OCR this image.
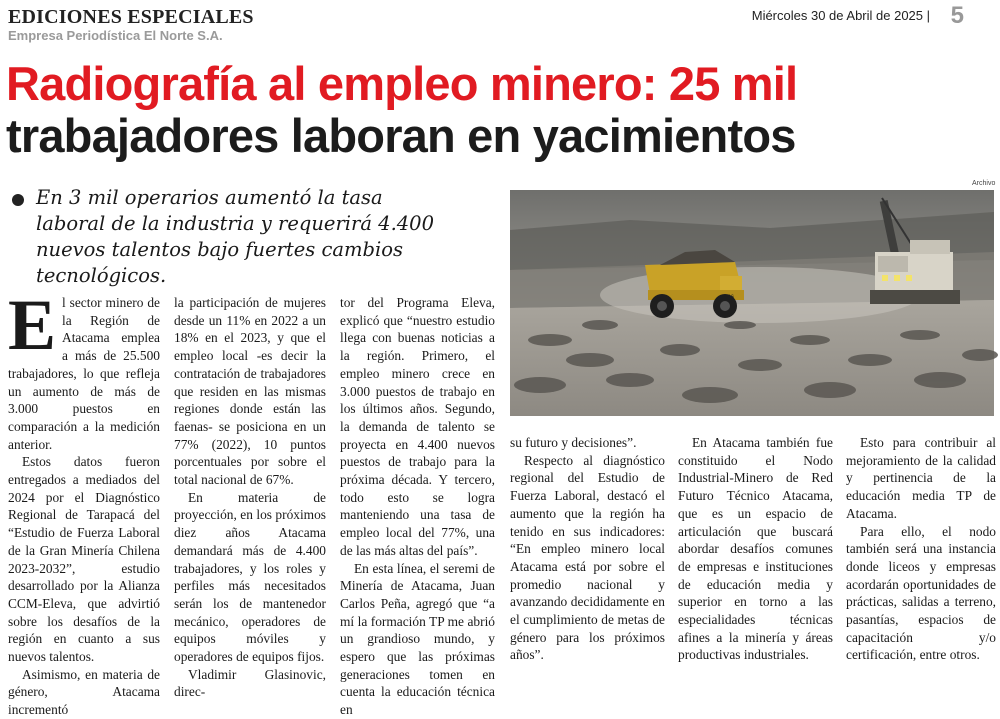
EDICIONES ESPECIALES
Empresa Periodística El Norte S.A.
Miércoles 30 de Abril de 2025 | 5
Radiografía al empleo minero: 25 mil
trabajadores laboran en yacimientos

En 3 mil operarios aumentó la tasa laboral de la industria y requerirá 4.400 nuevos talentos bajo fuertes cambios tecnológicos.

Archivo
E l sector minero de la Región de Atacama emplea a más de 25.500 trabajadores, lo que refleja un aumento de más de 3.000 puestos en comparación a la medición anterior.

Estos datos fueron entregados a mediados del 2024 por el Diagnóstico Regional de Tarapacá del “Estudio de Fuerza Laboral de la Gran Minería Chilena 2023-2032”, estudio desarrollado por la Alianza CCM-Eleva, que advirtió sobre los desafíos de la región en cuanto a sus nuevos talentos.

Asimismo, en materia de género, Atacama incrementó

la participación de mujeres desde un 11% en 2022 a un 18% en el 2023, y que el empleo local -es decir la contratación de trabajadores que residen en las mismas regiones donde están las faenas- se posiciona en un 77% (2022), 10 puntos porcentuales por sobre el total nacional de 67%.

En materia de proyección, en los próximos diez años Atacama demandará más de 4.400 trabajadores, y los roles y perfiles más necesitados serán los de mantenedor mecánico, operadores de equipos móviles y operadores de equipos fijos.

Vladimir Glasinovic, direc-

tor del Programa Eleva, explicó que “nuestro estudio llega con buenas noticias a la región. Primero, el empleo minero crece en 3.000 puestos de trabajo en los últimos años. Segundo, la demanda de talento se proyecta en 4.400 nuevos puestos de trabajo para la próxima década. Y tercero, todo esto se logra manteniendo una tasa de empleo local del 77%, una de las más altas del país”.

En esta línea, el seremi de Minería de Atacama, Juan Carlos Peña, agregó que “a mí la formación TP me abrió un grandioso mundo, y espero que las próximas generaciones tomen en cuenta la educación técnica en

su futuro y decisiones”.

Respecto al diagnóstico regional del Estudio de Fuerza Laboral, destacó el aumento que la región ha tenido en sus indicadores: “En empleo minero local Atacama está por sobre el promedio nacional y avanzando decididamente en el cumplimiento de metas de género para los próximos años”.

En Atacama también fue constituido el Nodo Industrial-Minero de Red Futuro Técnico Atacama, que es un espacio de articulación que buscará abordar desafíos comunes de empresas e instituciones de educación media y superior en torno a las especialidades técnicas afines a la minería y áreas productivas industriales.

Esto para contribuir al mejoramiento de la calidad y pertinencia de la educación media TP de Atacama.

Para ello, el nodo también será una instancia donde liceos y empresas acordarán oportunidades de prácticas, salidas a terreno, pasantías, espacios de capacitación y/o certificación, entre otros.
